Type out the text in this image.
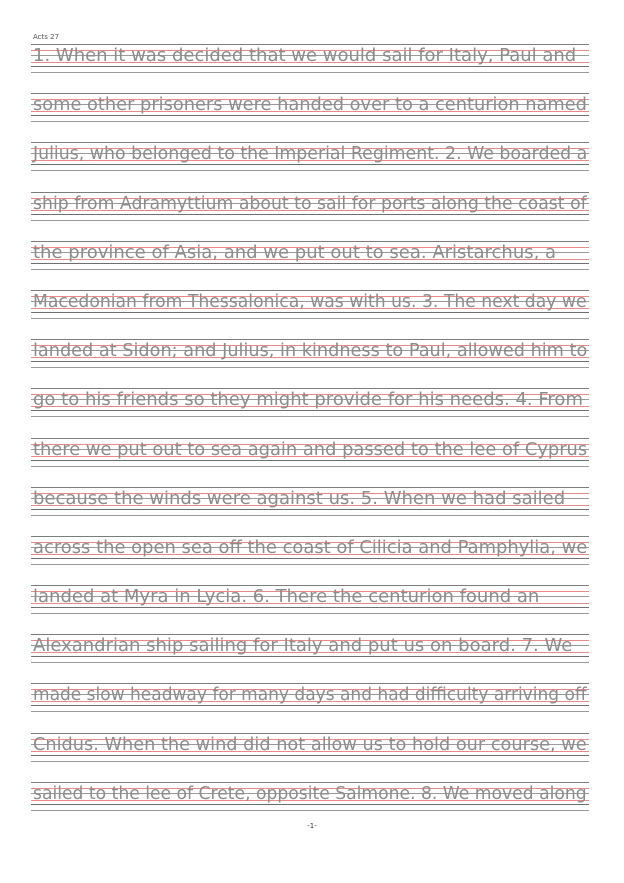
Acts 27
1. When it was decided that we would sail for Italy, Paul and
some other prisoners were handed over to a centurion named
Julius, who belonged to the Imperial Regiment. 2. We boarded a
ship from Adramyttium about to sail for ports along the coast of
the province of Asia, and we put out to sea. Aristarchus, a
Macedonian from Thessalonica, was with us. 3. The next day we
landed at Sidon; and Julius, in kindness to Paul, allowed him to
go to his friends so they might provide for his needs. 4. From
there we put out to sea again and passed to the lee of Cyprus
because the winds were against us. 5. When we had sailed
across the open sea off the coast of Cilicia and Pamphylia, we
landed at Myra in Lycia. 6. There the centurion found an
Alexandrian ship sailing for Italy and put us on board. 7. We
made slow headway for many days and had difficulty arriving off
Cnidus. When the wind did not allow us to hold our course, we
sailed to the lee of Crete, opposite Salmone. 8. We moved along
-1-
